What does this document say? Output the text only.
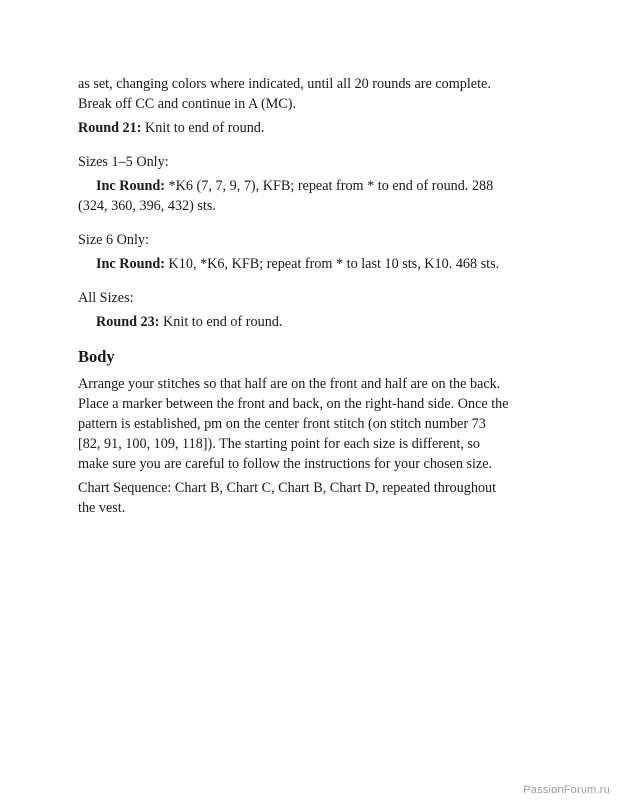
as set, changing colors where indicated, until all 20 rounds are complete.

Break off CC and continue in A (MC).

Round 21: Knit to end of round.

Sizes 1–5 Only:

Inc Round: *K6 (7, 7, 9, 7), KFB; repeat from * to end of round. 288

(324, 360, 396, 432) sts.

Size 6 Only:

Inc Round: K10, *K6, KFB; repeat from * to last 10 sts, K10. 468 sts.

All Sizes:

Round 23: Knit to end of round.

Body

Arrange your stitches so that half are on the front and half are on the back.

Place a marker between the front and back, on the right-hand side. Once the

pattern is established, pm on the center front stitch (on stitch number 73

[82, 91, 100, 109, 118]). The starting point for each size is different, so

make sure you are careful to follow the instructions for your chosen size.

Chart Sequence: Chart B, Chart C, Chart B, Chart D, repeated throughout

the vest.

PassionForum.ru
